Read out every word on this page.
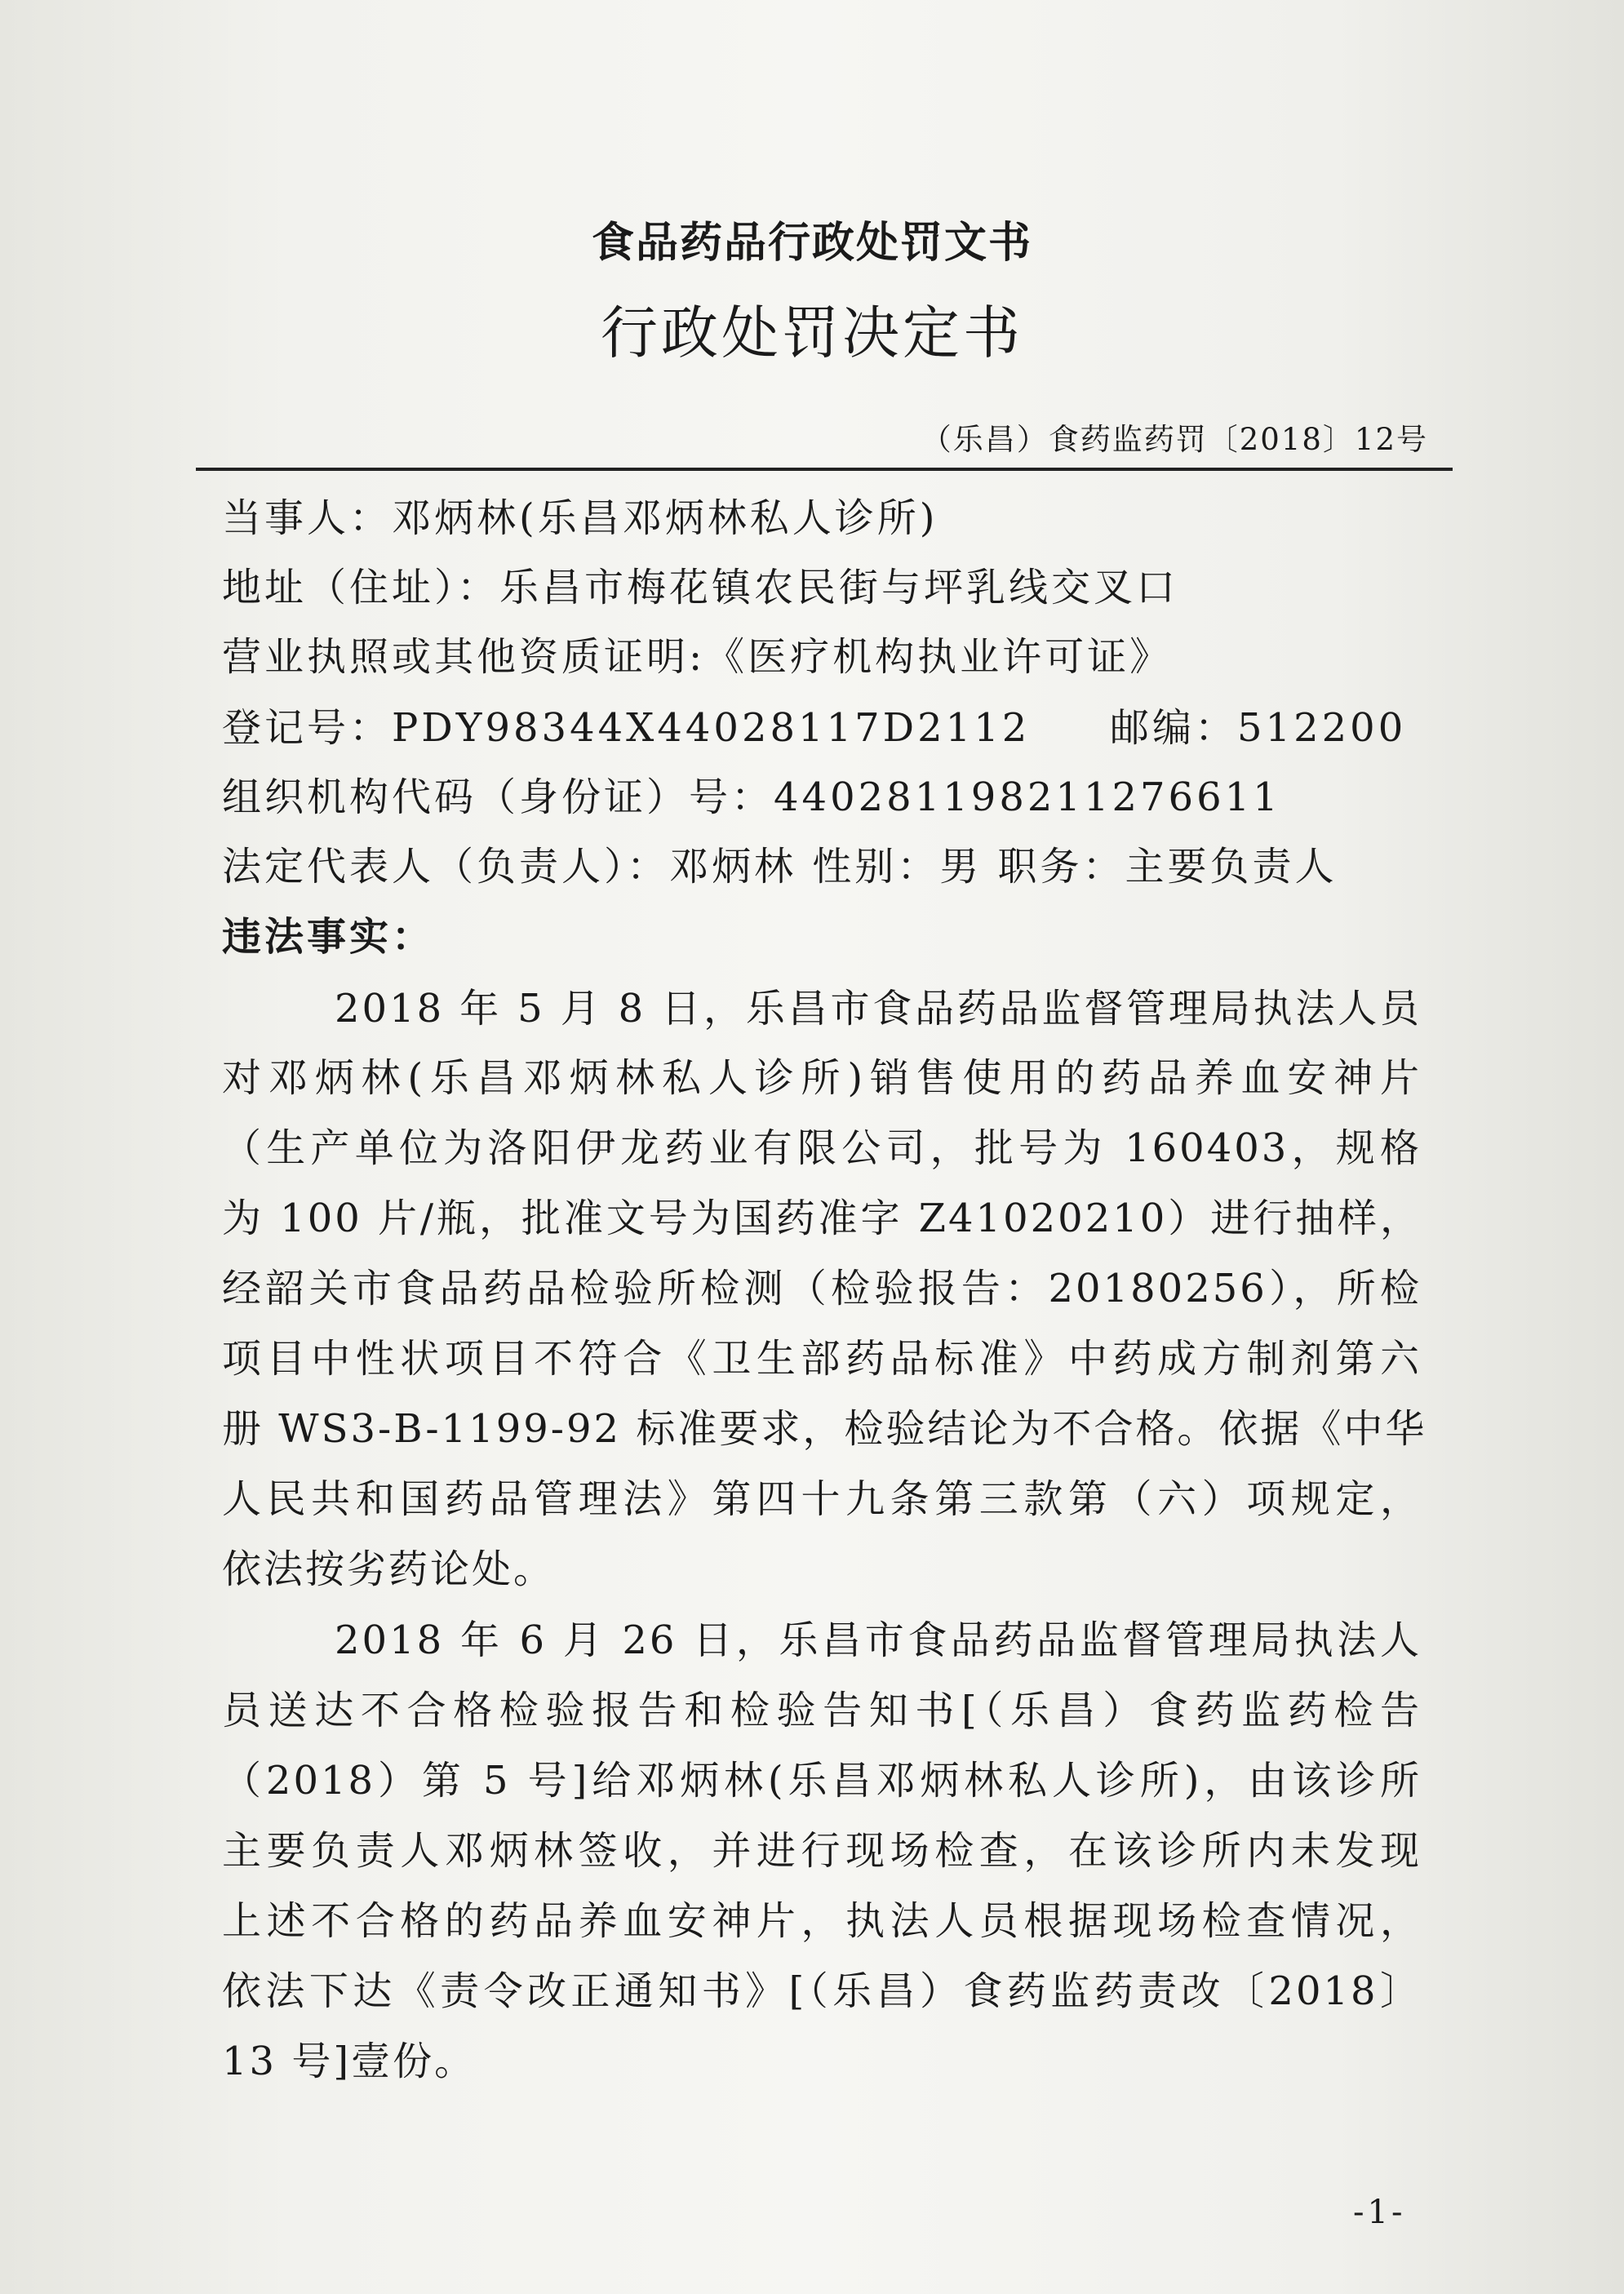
食品药品行政处罚文书
行政处罚决定书
（乐昌）食药监药罚〔2018〕12号
当事人：邓炳林(乐昌邓炳林私人诊所)
地址（住址）：乐昌市梅花镇农民街与坪乳线交叉口
营业执照或其他资质证明:《医疗机构执业许可证》
登记号：PDY98344X44028117D2112 邮编：512200
组织机构代码（身份证）号：440281198211276611
法定代表人（负责人）：邓炳林 性别：男 职务：主要负责人
违法事实：
2018 年 5 月 8 日，乐昌市食品药品监督管理局执法人员
对邓炳林(乐昌邓炳林私人诊所)销售使用的药品养血安神片
（生产单位为洛阳伊龙药业有限公司，批号为 160403，规格
为 100 片/瓶，批准文号为国药准字 Z41020210）进行抽样，
经韶关市食品药品检验所检测（检验报告：20180256），所检
项目中性状项目不符合《卫生部药品标准》中药成方制剂第六
册 WS3-B-1199-92 标准要求，检验结论为不合格。依据《中华
人民共和国药品管理法》第四十九条第三款第（六）项规定，
依法按劣药论处。
2018 年 6 月 26 日，乐昌市食品药品监督管理局执法人
员送达不合格检验报告和检验告知书[（乐昌）食药监药检告
（2018）第 5 号]给邓炳林(乐昌邓炳林私人诊所)，由该诊所
主要负责人邓炳林签收，并进行现场检查，在该诊所内未发现
上述不合格的药品养血安神片，执法人员根据现场检查情况，
依法下达《责令改正通知书》[（乐昌）食药监药责改〔2018〕
13 号]壹份。
-1-
